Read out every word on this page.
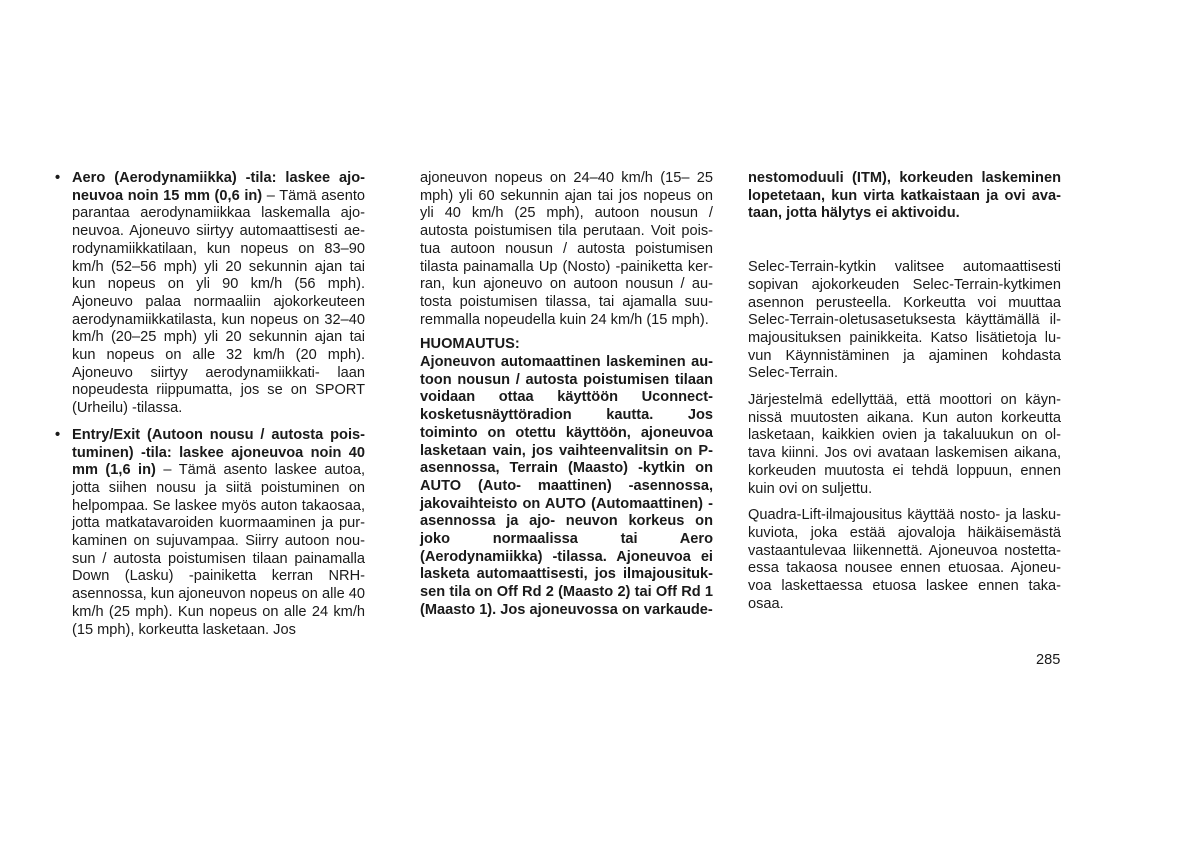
• Aero (Aerodynamiikka) -tila: laskee ajo- neuvoa noin 15 mm (0,6 in) – Tämä asento parantaa aerodynamiikkaa laskemalla ajo- neuvoa. Ajoneuvo siirtyy automaattisesti ae- rodynamiikkatilaan, kun nopeus on 83–90 km/h (52–56 mph) yli 20 sekunnin ajan tai kun nopeus on yli 90 km/h (56 mph). Ajoneuvo palaa normaaliin ajokorkeuteen aerodynamiikkatilasta, kun nopeus on 32–40 km/h (20–25 mph) yli 20 sekunnin ajan tai kun nopeus on alle 32 km/h (20 mph). Ajoneuvo siirtyy aerodynamiikkati- laan nopeudesta riippumatta, jos se on SPORT (Urheilu) -tilassa.

• Entry/Exit (Autoon nousu / autosta pois- tuminen) -tila: laskee ajoneuvoa noin 40 mm (1,6 in) – Tämä asento laskee autoa, jotta siihen nousu ja siitä poistuminen on helpompaa. Se laskee myös auton takaosaa, jotta matkatavaroiden kuormaaminen ja pur- kaminen on sujuvampaa. Siirry autoon nou- sun / autosta poistumisen tilaan painamalla Down (Lasku) -painiketta kerran NRH- asennossa, kun ajoneuvon nopeus on alle 40 km/h (25 mph). Kun nopeus on alle 24 km/h (15 mph), korkeutta lasketaan. Jos

ajoneuvon nopeus on 24–40 km/h (15– 25 mph) yli 60 sekunnin ajan tai jos nopeus on yli 40 km/h (25 mph), autoon nousun / autosta poistumisen tila perutaan. Voit pois- tua autoon nousun / autosta poistumisen tilasta painamalla Up (Nosto) -painiketta ker- ran, kun ajoneuvo on autoon nousun / au- tosta poistumisen tilassa, tai ajamalla suu- remmalla nopeudella kuin 24 km/h (15 mph).

HUOMAUTUS:

Ajoneuvon automaattinen laskeminen au- toon nousun / autosta poistumisen tilaan voidaan ottaa käyttöön Uconnect- kosketusnäyttöradion kautta. Jos toiminto on otettu käyttöön, ajoneuvoa lasketaan vain, jos vaihteenvalitsin on P-asennossa, Terrain (Maasto) -kytkin on AUTO (Auto- maattinen) -asennossa, jakovaihteisto on AUTO (Automaattinen) -asennossa ja ajo- neuvon korkeus on joko normaalissa tai Aero (Aerodynamiikka) -tilassa. Ajoneuvoa ei lasketa automaattisesti, jos ilmajousituk- sen tila on Off Rd 2 (Maasto 2) tai Off Rd 1 (Maasto 1). Jos ajoneuvossa on varkaude-

nestomoduuli (ITM), korkeuden laskeminen lopetetaan, kun virta katkaistaan ja ovi ava- taan, jotta hälytys ei aktivoidu.

Selec-Terrain-kytkin valitsee automaattisesti sopivan ajokorkeuden Selec-Terrain-kytkimen asennon perusteella. Korkeutta voi muuttaa Selec-Terrain-oletusasetuksesta käyttämällä il- majousituksen painikkeita. Katso lisätietoja lu- vun Käynnistäminen ja ajaminen kohdasta Selec-Terrain.

Järjestelmä edellyttää, että moottori on käyn- nissä muutosten aikana. Kun auton korkeutta lasketaan, kaikkien ovien ja takaluukun on ol- tava kiinni. Jos ovi avataan laskemisen aikana, korkeuden muutosta ei tehdä loppuun, ennen kuin ovi on suljettu.

Quadra-Lift-ilmajousitus käyttää nosto- ja lasku- kuviota, joka estää ajovaloja häikäisemästä vastaantulevaa liikennettä. Ajoneuvoa nostetta- essa takaosa nousee ennen etuosaa. Ajoneu- voa laskettaessa etuosa laskee ennen taka- osaa.

285
